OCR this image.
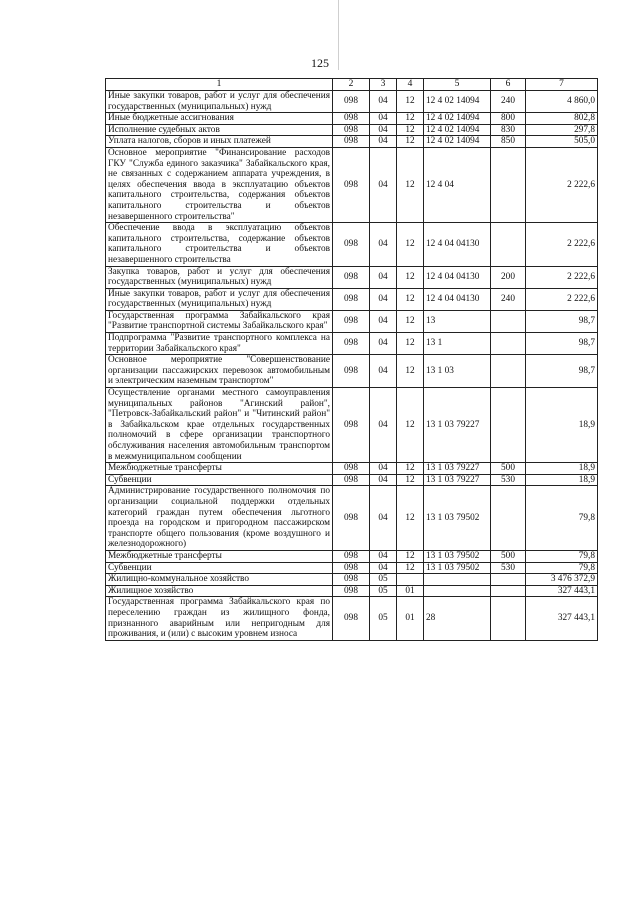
125
1	2	3	4	5	6	7
Иные закупки товаров, работ и услуг для обеспечения государственных (муниципальных) нужд	098	04	12	12 4 02 14094	240	4 860,0
Иные бюджетные ассигнования	098	04	12	12 4 02 14094	800	802,8
Исполнение судебных актов	098	04	12	12 4 02 14094	830	297,8
Уплата налогов, сборов и иных платежей	098	04	12	12 4 02 14094	850	505,0
Основное мероприятие "Финансирование расходов ГКУ "Служба единого заказчика" Забайкальского края, не связанных с содержанием аппарата учреждения, в целях обеспечения ввода в эксплуатацию объектов капитального строительства, содержания объектов капитального строительства и объектов незавершенного строительства"	098	04	12	12 4 04		2 222,6
Обеспечение ввода в эксплуатацию объектов капитального строительства, содержание объектов капитального строительства и объектов незавершенного строительства	098	04	12	12 4 04 04130		2 222,6
Закупка товаров, работ и услуг для обеспечения государственных (муниципальных) нужд	098	04	12	12 4 04 04130	200	2 222,6
Иные закупки товаров, работ и услуг для обеспечения государственных (муниципальных) нужд	098	04	12	12 4 04 04130	240	2 222,6
Государственная программа Забайкальского края "Развитие транспортной системы Забайкальского края"	098	04	12	13		98,7
Подпрограмма "Развитие транспортного комплекса на территории Забайкальского края"	098	04	12	13 1		98,7
Основное мероприятие "Совершенствование организации пассажирских перевозок автомобильным и электрическим наземным транспортом"	098	04	12	13 1 03		98,7
Осуществление органами местного самоуправления муниципальных районов "Агинский район", "Петровск-Забайкальский район" и "Читинский район" в Забайкальском крае отдельных государственных полномочий в сфере организации транспортного обслуживания населения автомобильным транспортом в межмуниципальном сообщении	098	04	12	13 1 03 79227		18,9
Межбюджетные трансферты	098	04	12	13 1 03 79227	500	18,9
Субвенции	098	04	12	13 1 03 79227	530	18,9
Администрирование государственного полномочия по организации социальной поддержки отдельных категорий граждан путем обеспечения льготного проезда на городском и пригородном пассажирском транспорте общего пользования (кроме воздушного и железнодорожного)	098	04	12	13 1 03 79502		79,8
Межбюджетные трансферты	098	04	12	13 1 03 79502	500	79,8
Субвенции	098	04	12	13 1 03 79502	530	79,8
Жилищно-коммунальное хозяйство	098	05				3 476 372,9
Жилищное хозяйство	098	05	01			327 443,1
Государственная программа Забайкальского края по переселению граждан из жилищного фонда, признанного аварийным или непригодным для проживания, и (или) с высоким уровнем износа	098	05	01	28		327 443,1
